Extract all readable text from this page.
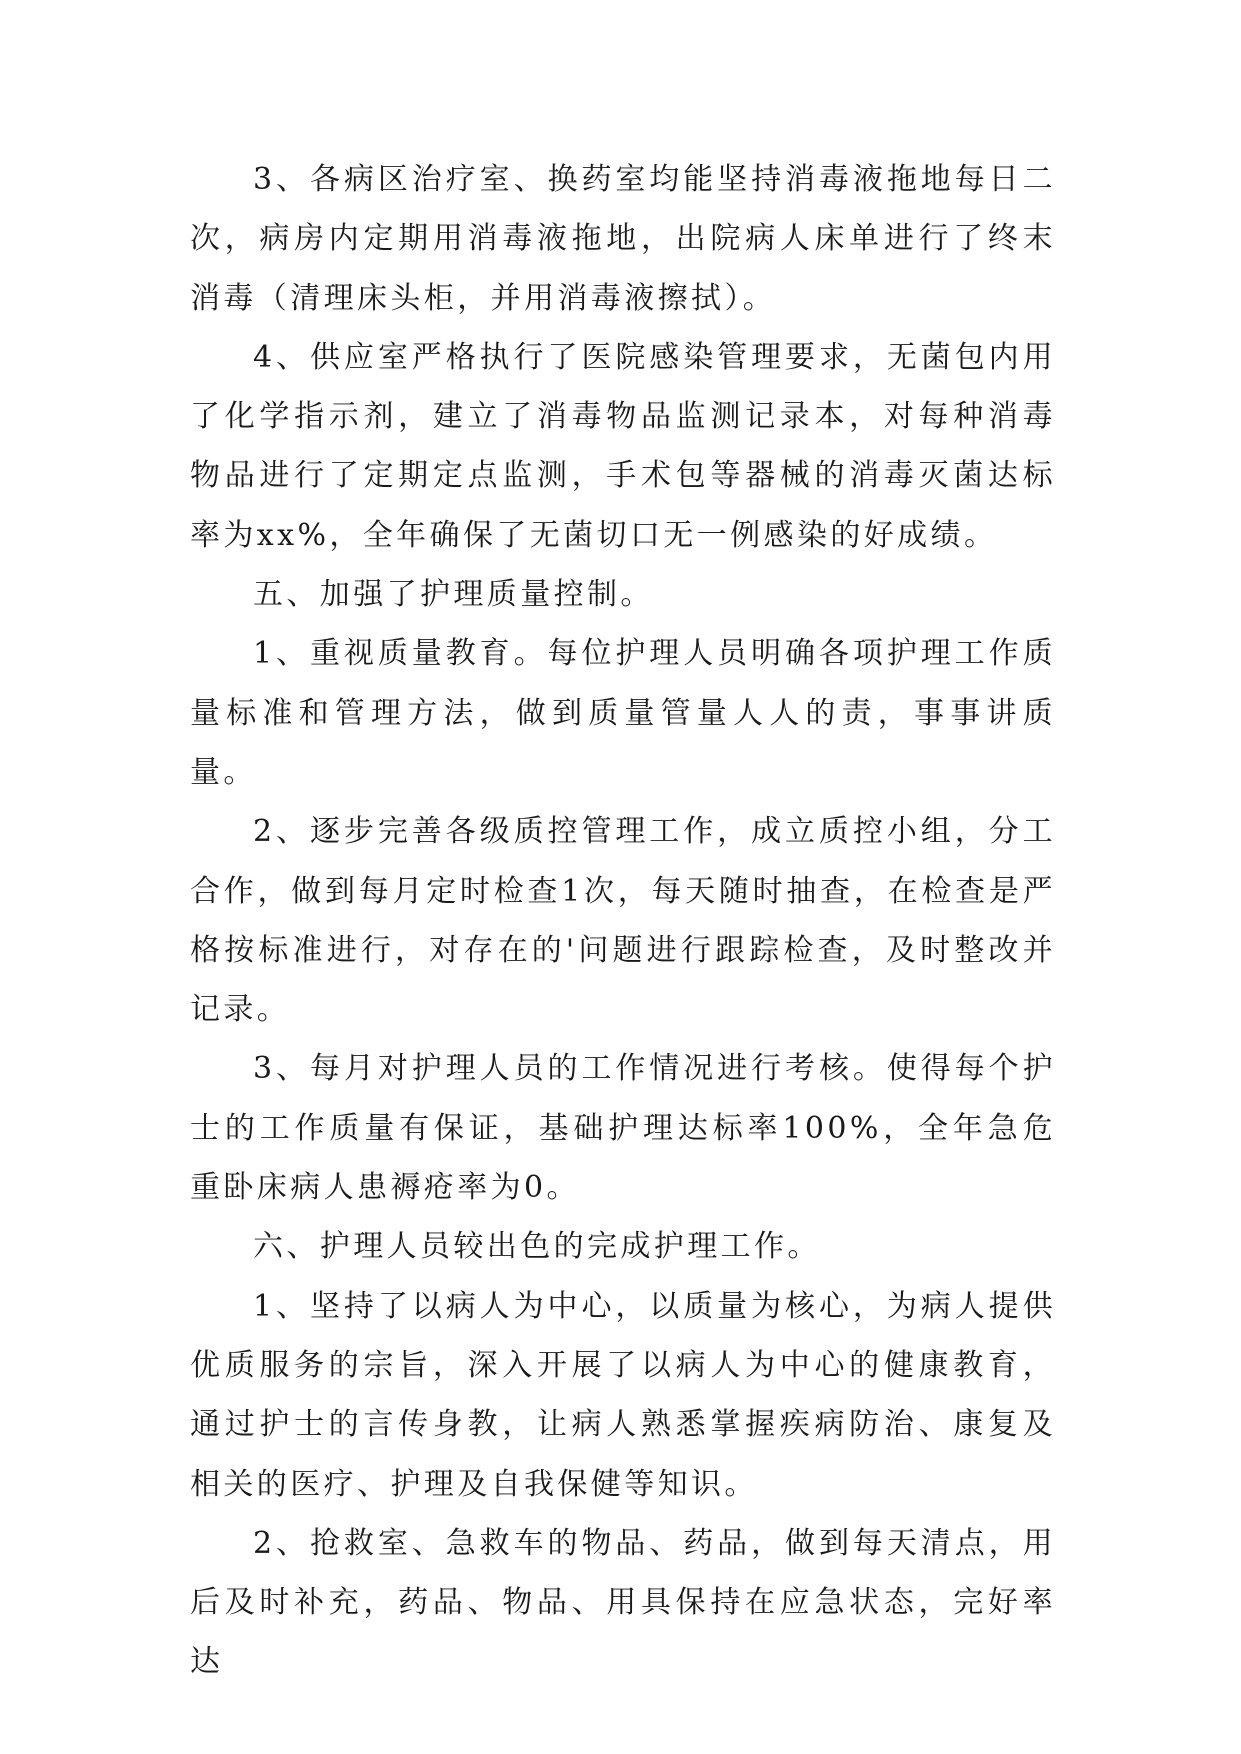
3、各病区治疗室、换药室均能坚持消毒液拖地每日二次，病房内定期用消毒液拖地，出院病人床单进行了终末消毒（清理床头柜，并用消毒液擦拭）。

4、供应室严格执行了医院感染管理要求，无菌包内用了化学指示剂，建立了消毒物品监测记录本，对每种消毒物品进行了定期定点监测，手术包等器械的消毒灭菌达标率为xx%，全年确保了无菌切口无一例感染的好成绩。

五、加强了护理质量控制。

1、重视质量教育。每位护理人员明确各项护理工作质量标准和管理方法，做到质量管量人人的责，事事讲质量。

2、逐步完善各级质控管理工作，成立质控小组，分工合作，做到每月定时检查1次，每天随时抽查，在检查是严格按标准进行，对存在的'问题进行跟踪检查，及时整改并记录。

3、每月对护理人员的工作情况进行考核。使得每个护士的工作质量有保证，基础护理达标率100%，全年急危重卧床病人患褥疮率为0。

六、护理人员较出色的完成护理工作。

1、坚持了以病人为中心，以质量为核心，为病人提供优质服务的宗旨，深入开展了以病人为中心的健康教育，通过护士的言传身教，让病人熟悉掌握疾病防治、康复及相关的医疗、护理及自我保健等知识。

2、抢救室、急救车的物品、药品，做到每天清点，用后及时补充，药品、物品、用具保持在应急状态，完好率达
